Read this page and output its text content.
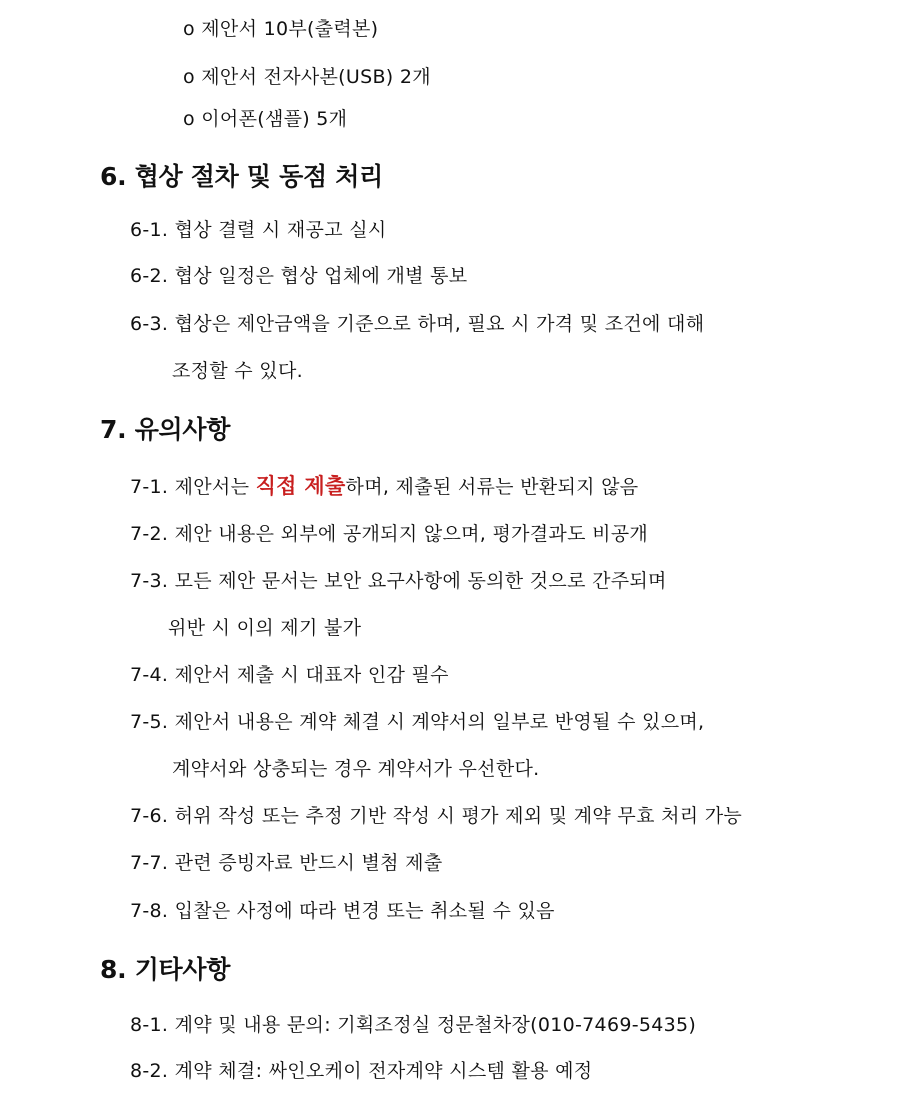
o 제안서 10부(출력본)
o 제안서 전자사본(USB) 2개
o 이어폰(샘플) 5개
6. 협상 절차 및 동점 처리
6-1. 협상 결렬 시 재공고 실시
6-2. 협상 일정은 협상 업체에 개별 통보
6-3. 협상은 제안금액을 기준으로 하며, 필요 시 가격 및 조건에 대해
조정할 수 있다.
7. 유의사항
7-1. 제안서는 직접 제출하며, 제출된 서류는 반환되지 않음
7-2. 제안 내용은 외부에 공개되지 않으며, 평가결과도 비공개
7-3. 모든 제안 문서는 보안 요구사항에 동의한 것으로 간주되며
위반 시 이의 제기 불가
7-4. 제안서 제출 시 대표자 인감 필수
7-5. 제안서 내용은 계약 체결 시 계약서의 일부로 반영될 수 있으며,
계약서와 상충되는 경우 계약서가 우선한다.
7-6. 허위 작성 또는 추정 기반 작성 시 평가 제외 및 계약 무효 처리 가능
7-7. 관련 증빙자료 반드시 별첨 제출
7-8. 입찰은 사정에 따라 변경 또는 취소될 수 있음
8. 기타사항
8-1. 계약 및 내용 문의: 기획조정실 정문철차장(010-7469-5435)
8-2. 계약 체결: 싸인오케이 전자계약 시스템 활용 예정
